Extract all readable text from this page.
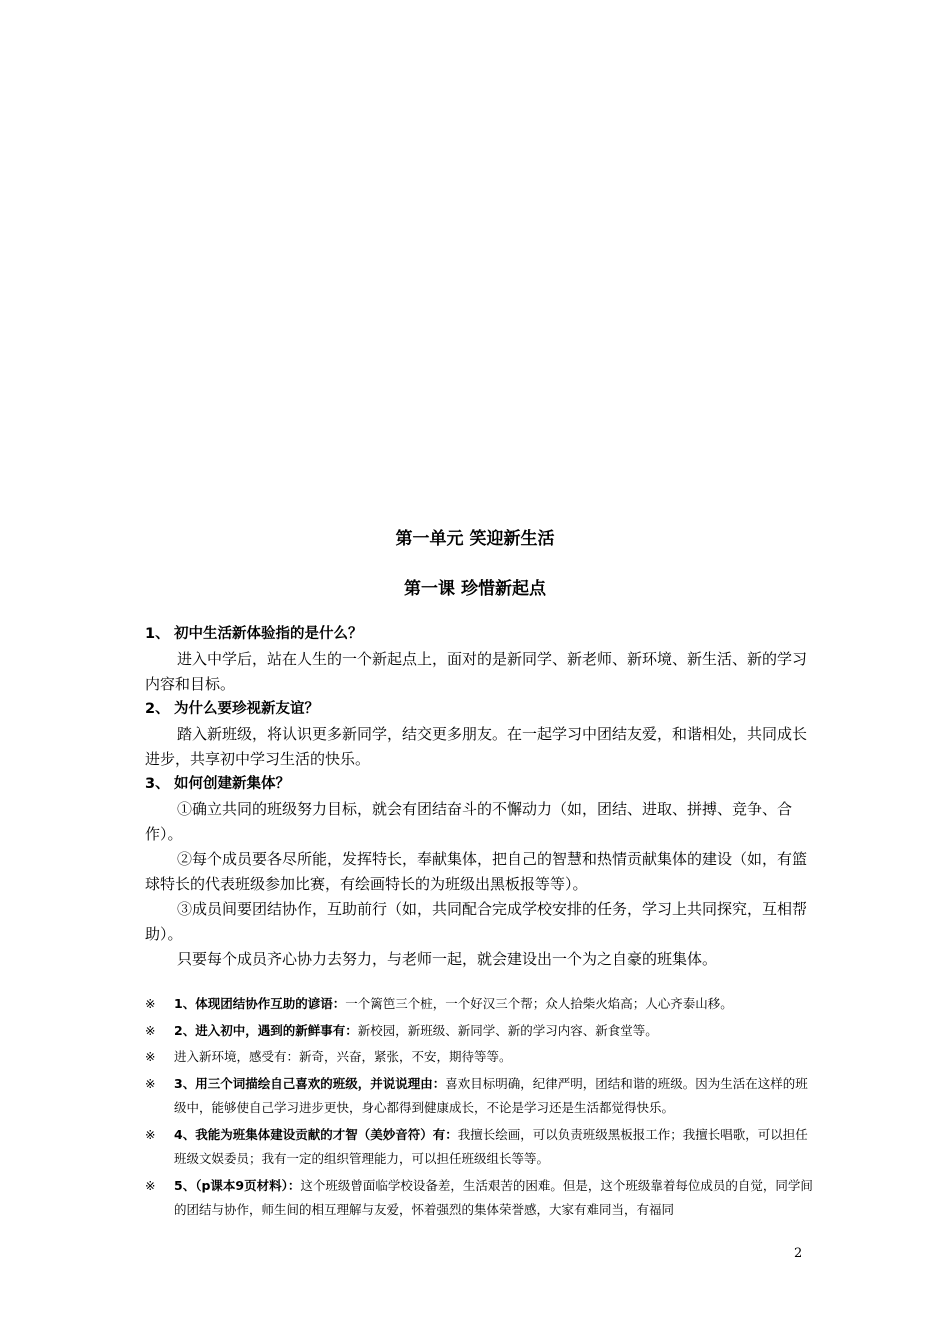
第一单元 笑迎新生活
第一课 珍惜新起点
1、 初中生活新体验指的是什么？

进入中学后，站在人生的一个新起点上，面对的是新同学、新老师、新环境、新生活、新的学习内容和目标。

2、 为什么要珍视新友谊？

踏入新班级，将认识更多新同学，结交更多朋友。在一起学习中团结友爱，和谐相处，共同成长进步，共享初中学习生活的快乐。

3、 如何创建新集体？

①确立共同的班级努力目标，就会有团结奋斗的不懈动力（如，团结、进取、拼搏、竞争、合作）。

②每个成员要各尽所能，发挥特长，奉献集体，把自己的智慧和热情贡献集体的建设（如，有篮球特长的代表班级参加比赛，有绘画特长的为班级出黑板报等等）。

③成员间要团结协作，互助前行（如，共同配合完成学校安排的任务，学习上共同探究，互相帮助）。

只要每个成员齐心协力去努力，与老师一起，就会建设出一个为之自豪的班集体。

※ 1、体现团结协作互助的谚语：一个篱笆三个桩，一个好汉三个帮；众人拾柴火焰高；人心齐泰山移。
※ 2、进入初中，遇到的新鲜事有：新校园，新班级、新同学、新的学习内容、新食堂等。
※ 进入新环境，感受有：新奇，兴奋，紧张，不安，期待等等。
※ 3、用三个词描绘自己喜欢的班级，并说说理由：喜欢目标明确，纪律严明，团结和谐的班级。因为生活在这样的班级中，能够使自己学习进步更快，身心都得到健康成长，不论是学习还是生活都觉得快乐。
※ 4、我能为班集体建设贡献的才智（美妙音符）有：我擅长绘画，可以负责班级黑板报工作；我擅长唱歌，可以担任班级文娱委员；我有一定的组织管理能力，可以担任班级组长等等。
※ 5、（p课本9页材料）：这个班级曾面临学校设备差，生活艰苦的困难。但是，这个班级靠着每位成员的自觉，同学间的团结与协作，师生间的相互理解与友爱，怀着强烈的集体荣誉感，大家有难同当，有福同
2
